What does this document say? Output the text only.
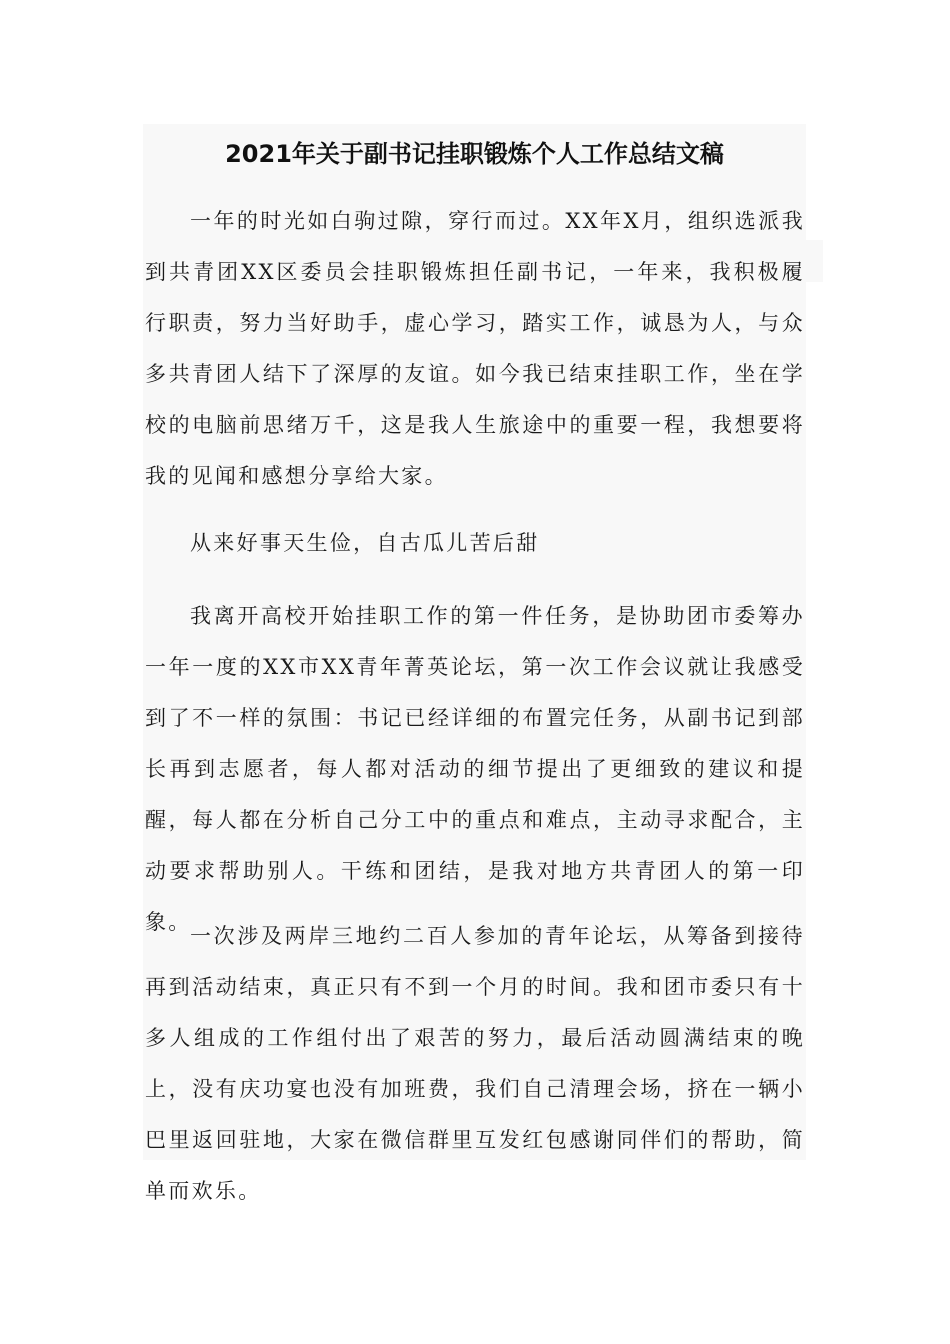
2021年关于副书记挂职锻炼个人工作总结文稿

一年的时光如白驹过隙，穿行而过。XX年X月，组织选派我到共青团XX区委员会挂职锻炼担任副书记，一年来，我积极履行职责，努力当好助手，虚心学习，踏实工作，诚恳为人，与众多共青团人结下了深厚的友谊。如今我已结束挂职工作，坐在学校的电脑前思绪万千，这是我人生旅途中的重要一程，我想要将我的见闻和感想分享给大家。

从来好事天生俭，自古瓜儿苦后甜

我离开高校开始挂职工作的第一件任务，是协助团市委筹办一年一度的XX市XX青年菁英论坛，第一次工作会议就让我感受到了不一样的氛围：书记已经详细的布置完任务，从副书记到部长再到志愿者，每人都对活动的细节提出了更细致的建议和提醒，每人都在分析自己分工中的重点和难点，主动寻求配合，主动要求帮助别人。干练和团结，是我对地方共青团人的第一印象。

一次涉及两岸三地约二百人参加的青年论坛，从筹备到接待再到活动结束，真正只有不到一个月的时间。我和团市委只有十多人组成的工作组付出了艰苦的努力，最后活动圆满结束的晚上，没有庆功宴也没有加班费，我们自己清理会场，挤在一辆小巴里返回驻地，大家在微信群里互发红包感谢同伴们的帮助，简单而欢乐。
